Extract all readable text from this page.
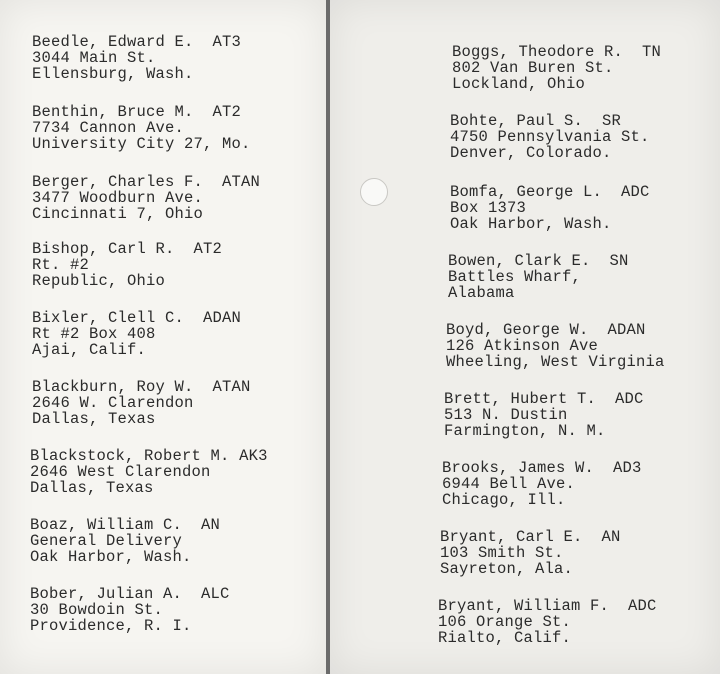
Beedle, Edward E. AT3
3044 Main St.
Ellensburg, Wash.
Benthin, Bruce M. AT2
7734 Cannon Ave.
University City 27, Mo.
Berger, Charles F. ATAN
3477 Woodburn Ave.
Cincinnati 7, Ohio
Bishop, Carl R. AT2
Rt. #2
Republic, Ohio
Bixler, Clell C. ADAN
Rt #2 Box 408
Ajai, Calif.
Blackburn, Roy W. ATAN
2646 W. Clarendon
Dallas, Texas
Blackstock, Robert M. AK3
2646 West Clarendon
Dallas, Texas
Boaz, William C. AN
General Delivery
Oak Harbor, Wash.
Bober, Julian A. ALC
30 Bowdoin St.
Providence, R. I.
Boggs, Theodore R. TN
802 Van Buren St.
Lockland, Ohio
Bohte, Paul S. SR
4750 Pennsylvania St.
Denver, Colorado.
Bomfa, George L. ADC
Box 1373
Oak Harbor, Wash.
Bowen, Clark E. SN
Battles Wharf,
Alabama
Boyd, George W. ADAN
126 Atkinson Ave
Wheeling, West Virginia
Brett, Hubert T. ADC
513 N. Dustin
Farmington, N. M.
Brooks, James W. AD3
6944 Bell Ave.
Chicago, Ill.
Bryant, Carl E. AN
103 Smith St.
Sayreton, Ala.
Bryant, William F. ADC
106 Orange St.
Rialto, Calif.
